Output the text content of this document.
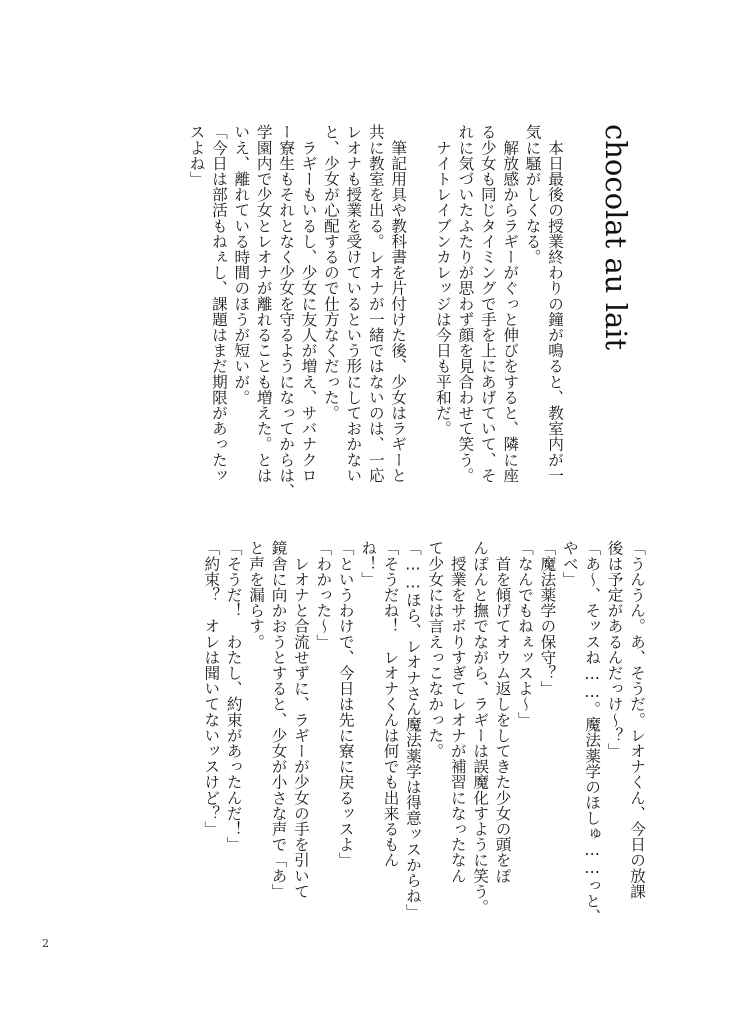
chocolat au lait
　本日最後の授業終わりの鐘が鳴ると、教室内が一
気に騒がしくなる。
　解放感からラギーがぐっと伸びをすると、隣に座
る少女も同じタイミングで手を上にあげていて、そ
れに気づいたふたりが思わず顔を見合わせて笑う。
　ナイトレイブンカレッジは今日も平和だ。

　筆記用具や教科書を片付けた後、少女はラギーと
共に教室を出る。レオナが一緒ではないのは、一応
レオナも授業を受けているという形にしておかない
と、少女が心配するので仕方なくだった。
　ラギーもいるし、少女に友人が増え、サバナクロ
ー寮生もそれとなく少女を守るようになってからは、
学園内で少女とレオナが離れることも増えた。とは
いえ、離れている時間のほうが短いが。
「今日は部活もねぇし、課題はまだ期限があったッ
スよね」
「うんうん。あ、そうだ。レオナくん、今日の放課
後は予定があるんだっけ～？」
「あ～、そッスね……。魔法薬学のほしゅ……っと、
やべ」
「魔法薬学の保守？」
「なんでもねぇッスよ～」
　首を傾げてオウム返しをしてきた少女の頭をぽ
んぽんと撫でながら、ラギーは誤魔化すように笑う。
　授業をサボりすぎてレオナが補習になったなん
て少女には言えっこなかった。
「……ほら、レオナさん魔法薬学は得意ッスからね」
「そうだね！　レオナくんは何でも出来るもん
ね！」
「というわけで、今日は先に寮に戻るッスよ」
「わかった～」
　レオナと合流せずに、ラギーが少女の手を引いて
鏡舎に向かおうとすると、少女が小さな声で「あ」
と声を漏らす。
「そうだ！　わたし、約束があったんだ！」
「約束？　オレは聞いてないッスけど？」
2
